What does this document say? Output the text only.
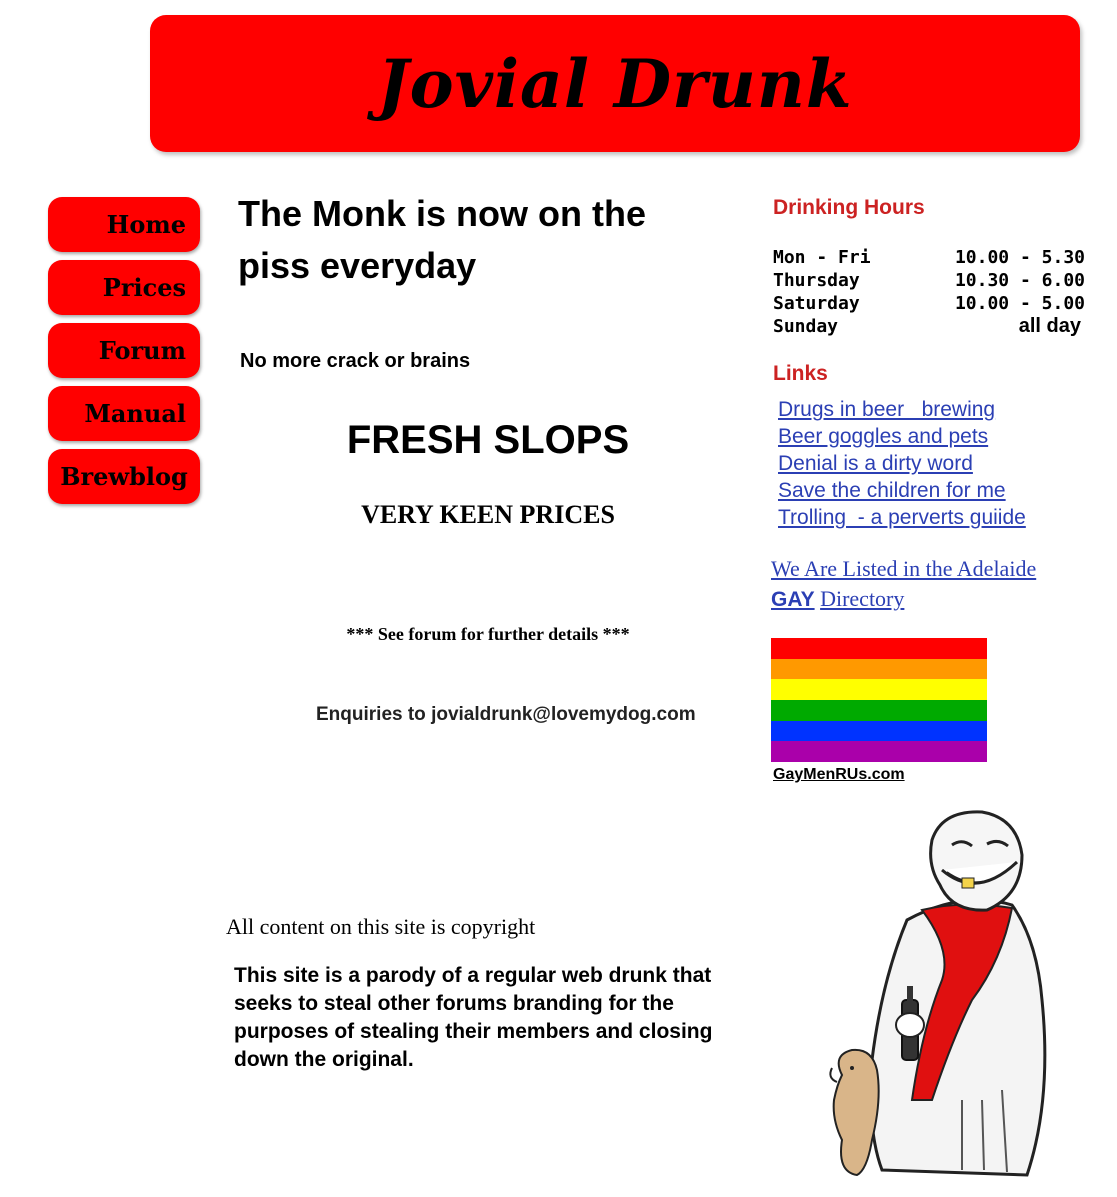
Jovial Drunk
Home
Prices
Forum
Manual
Brewblog
The Monk is now on the piss everyday
No more crack or brains
FRESH SLOPS
VERY KEEN PRICES
*** See forum for further details ***
Enquiries to jovialdrunk@lovemydog.com
All content on this site is copyright
This site is a parody of a regular web drunk that seeks to steal other forums branding for the purposes of stealing their members and closing down the original.
Drinking Hours
Mon - Fri	10.00 - 5.30
Thursday	10.30 - 6.00
Saturday	10.00 - 5.00
Sunday	all day
Links
Drugs in beer   brewing
Beer goggles and pets
Denial is a dirty word
Save the children for me
Trolling  - a perverts guiide
We Are Listed in the Adelaide
GAY Directory
GayMenRUs.com
